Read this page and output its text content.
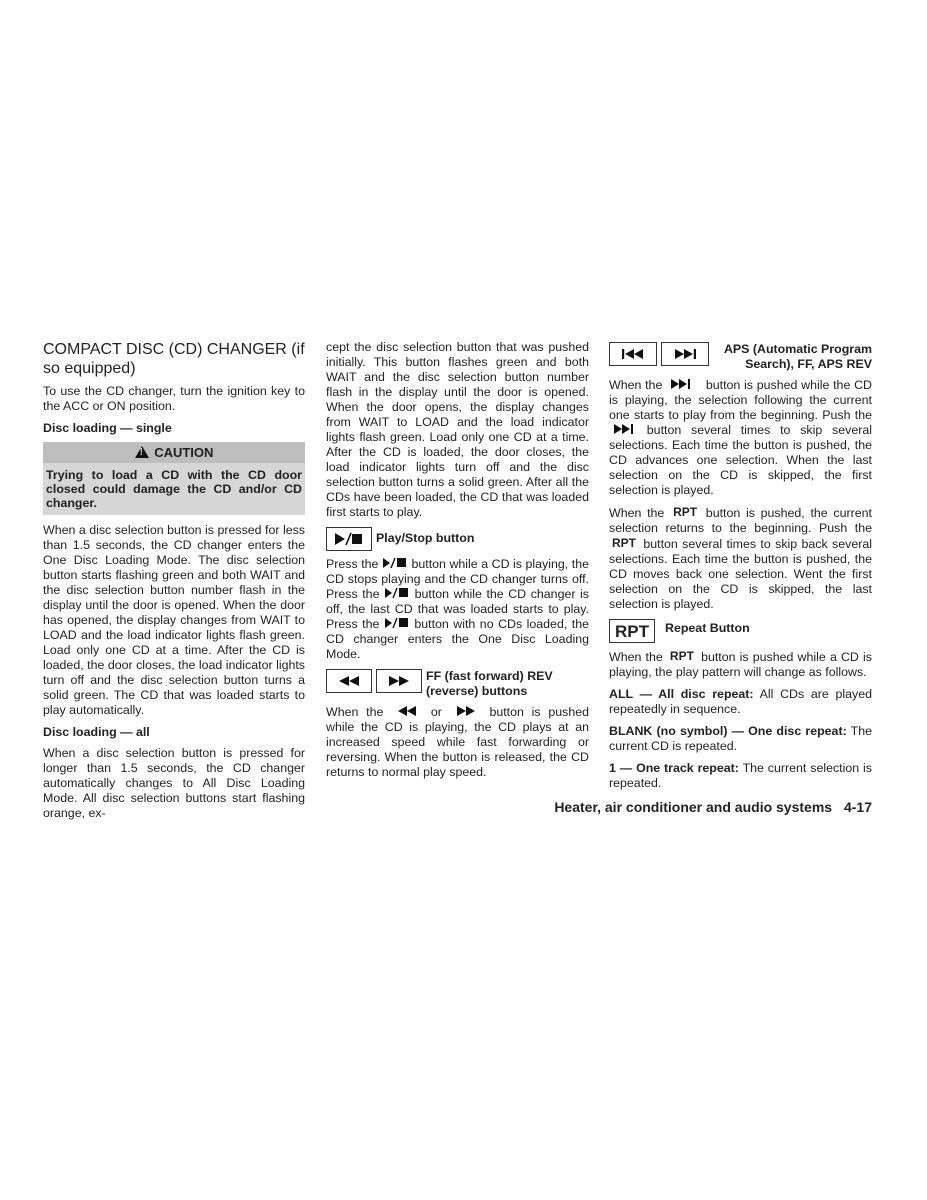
COMPACT DISC (CD) CHANGER (if so equipped)

To use the CD changer, turn the ignition key to the ACC or ON position.

Disc loading — single
! CAUTION
Trying to load a CD with the CD door closed could damage the CD and/or CD changer.

When a disc selection button is pressed for less than 1.5 seconds, the CD changer enters the One Disc Loading Mode. The disc selection button starts flashing green and both WAIT and the disc selection button number flash in the display until the door is opened. When the door has opened, the display changes from WAIT to LOAD and the load indicator lights flash green. Load only one CD at a time. After the CD is loaded, the door closes, the load indicator lights turn off and the disc selection button turns a solid green. The CD that was loaded starts to play automatically.

Disc loading — all

When a disc selection button is pressed for longer than 1.5 seconds, the CD changer automatically changes to All Disc Loading Mode. All disc selection buttons start flashing orange, ex-

cept the disc selection button that was pushed initially. This button flashes green and both WAIT and the disc selection button number flash in the display until the door is opened. When the door opens, the display changes from WAIT to LOAD and the load indicator lights flash green. Load only one CD at a time. After the CD is loaded, the door closes, the load indicator lights turn off and the disc selection button turns a solid green. After all the CDs have been loaded, the CD that was loaded first starts to play.

Play/Stop button

Press the	button while a CD is playing, the CD stops playing and the CD changer turns off. Press the	button while the CD changer is off, the last CD that was loaded starts to play. Press the	button with no CDs loaded, the CD changer enters the One Disc Loading Mode.

FF (fast forward) REV (reverse) buttons

When the	or	button is pushed while the CD is playing, the CD plays at an increased speed while fast forwarding or reversing. When the button is released, the CD returns to normal play speed.

APS (Automatic Program Search), FF, APS REV

When the	button is pushed while the CD is playing, the selection following the current one starts to play from the beginning. Push the  button several times to skip several selections. Each time the button is pushed, the CD advances one selection. When the last selection on the CD is skipped, the first selection is played.

When the RPT button is pushed, the current selection returns to the beginning. Push the RPT button several times to skip back several selections. Each time the button is pushed, the CD moves back one selection. Went the first selection on the CD is skipped, the last selection is played.

RPT	Repeat Button

When the RPT button is pushed while a CD is playing, the play pattern will change as follows.

ALL — All disc repeat: All CDs are played repeatedly in sequence.

BLANK (no symbol) — One disc repeat: The current CD is repeated.

1 — One track repeat: The current selection is repeated.

Heater, air conditioner and audio systems 4-17
